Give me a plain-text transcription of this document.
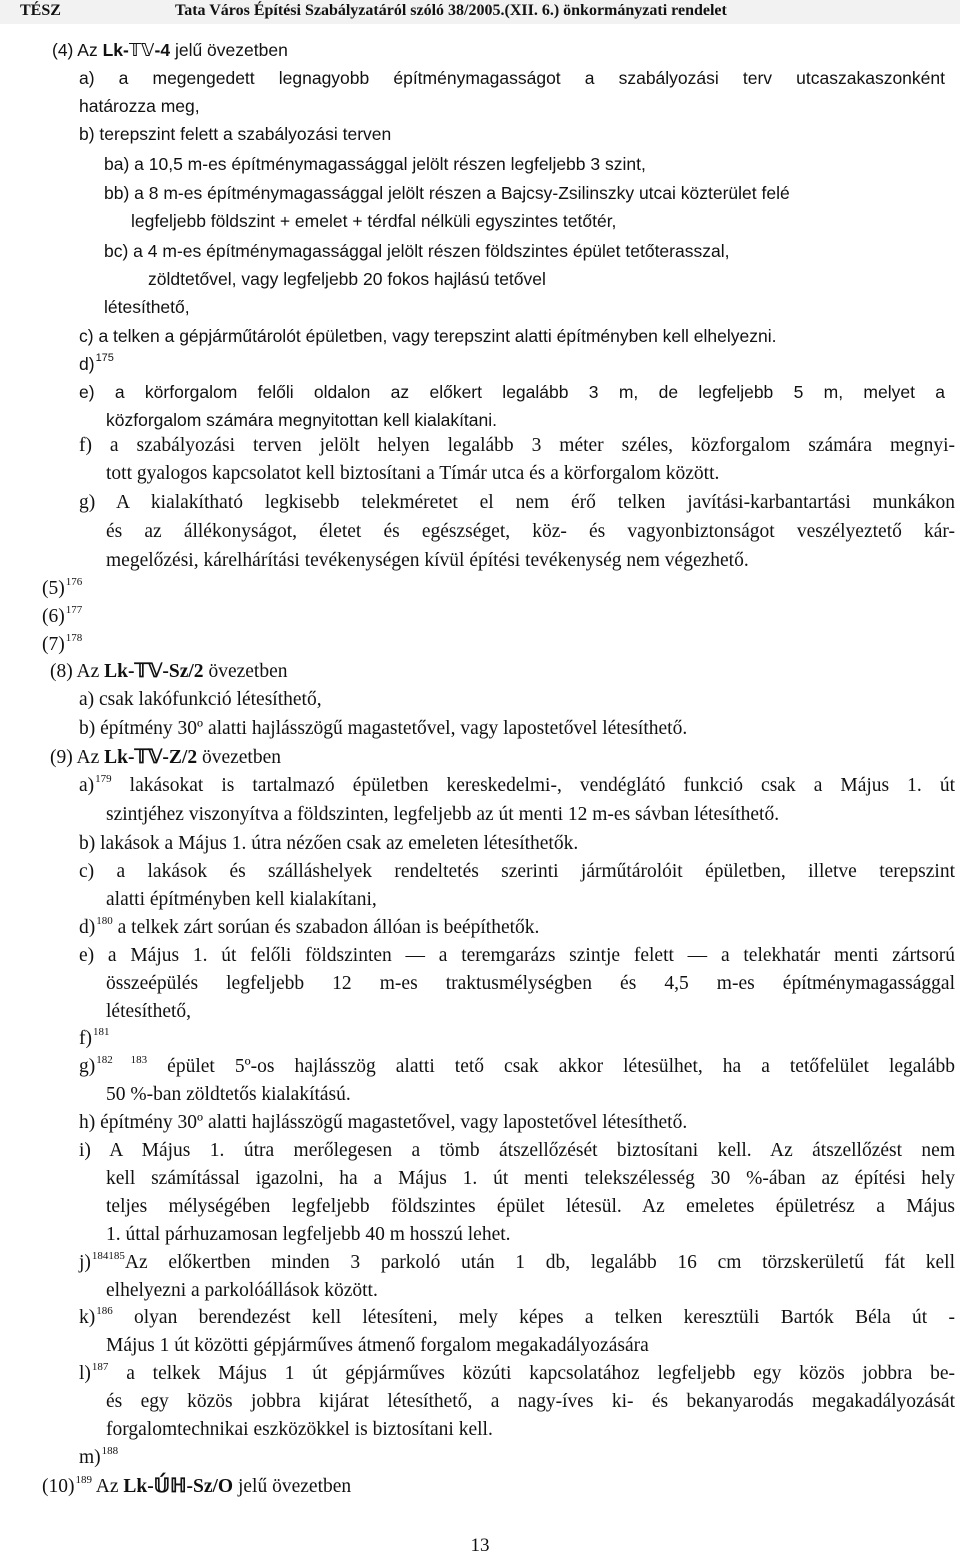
TÉSZ	Tata Város Építési Szabályzatáról szóló 38/2005.(XII. 6.) önkormányzati rendelet
(4) Az Lk-𝕋𝕍-4 jelű övezetben
a) a megengedett legnagyobb építménymagasságot a szabályozási terv utcaszakaszonként
határozza meg,
b) terepszint felett a szabályozási terven
ba) a 10,5 m-es építménymagassággal jelölt részen legfeljebb 3 szint,
bb) a 8 m-es építménymagassággal jelölt részen a Bajcsy-Zsilinszky utcai közterület felé
legfeljebb földszint + emelet + térdfal nélküli egyszintes tetőtér,
bc) a 4 m-es építménymagassággal jelölt részen földszintes épület tetőterasszal,
zöldtetővel, vagy legfeljebb 20 fokos hajlású tetővel
létesíthető,
c) a telken a gépjárműtárolót épületben, vagy terepszint alatti építményben kell elhelyezni.
d)$^{175}$
e) a körforgalom felőli oldalon az előkert legalább 3 m, de legfeljebb 5 m, melyet a
közforgalom számára megnyitottan kell kialakítani.
f) a szabályozási terven jelölt helyen legalább 3 méter széles, közforgalom számára megnyi-
tott gyalogos kapcsolatot kell biztosítani a Tímár utca és a körforgalom között.
g) A kialakítható legkisebb telekméretet el nem érő telken javítási-karbantartási munkákon
és az állékonyságot, életet és egészséget, köz- és vagyonbiztonságot veszélyeztető kár-
megelőzési, kárelhárítási tevékenységen kívül építési tevékenység nem végezhető.
$(5)^{176}$
$(6)^{177}$
$(7)^{178}$
(8) Az Lk-𝕋𝕍-Sz/2 övezetben
a) csak lakófunkció létesíthető,
b) építmény 30º alatti hajlásszögű magastetővel, vagy lapostetővel létesíthető.
(9) Az Lk-𝕋𝕍-Z/2 övezetben
a)$^{179}$ lakásokat is tartalmazó épületben kereskedelmi-, vendéglátó funkció csak a Május 1. út
szintjéhez viszonyítva a földszinten, legfeljebb az út menti 12 m-es sávban létesíthető.
b) lakások a Május 1. útra nézően csak az emeleten létesíthetők.
c) a lakások és szálláshelyek rendeltetés szerinti járműtárolóit épületben, illetve terepszint
alatti építményben kell kialakítani,
d)$^{180}$ a telkek zárt sorúan és szabadon állóan is beépíthetők.
e) a Május 1. út felőli földszinten — a teremgarázs szintje felett — a telekhatár menti zártsorú
összeépülés legfeljebb 12 m-es traktusmélységben és 4,5 m-es építménymagassággal
létesíthető,
f)$^{181}$
g)$^{182 183}$ épület 5º-os hajlásszög alatti tető csak akkor létesülhet, ha a tetőfelület legalább
50 %-ban zöldtetős kialakítású.
h) építmény 30º alatti hajlásszögű magastetővel, vagy lapostetővel létesíthető.
i) A Május 1. útra merőlegesen a tömb átszellőzését biztosítani kell. Az átszellőzést nem
kell számítással igazolni, ha a Május 1. út menti telekszélesség 30 %-ában az építési hely
teljes mélységében legfeljebb földszintes épület létesül. Az emeletes épületrész a Május
1. úttal párhuzamosan legfeljebb 40 m hosszú lehet.
j)$^{184185}$Az előkertben minden 3 parkoló után 1 db, legalább 16 cm törzskerületű fát kell
elhelyezni a parkolóállások között.
k)$^{186}$ olyan berendezést kell létesíteni, mely képes a telken keresztüli Bartók Béla út -
Május 1 út közötti gépjárműves átmenő forgalom megakadályozására
l)$^{187}$ a telkek Május 1 út gépjárműves közúti kapcsolatához legfeljebb egy közös jobbra be-
és egy közös jobbra kijárat létesíthető, a nagy-íves ki- és bekanyarodás megakadályozását
forgalomtechnikai eszközökkel is biztosítani kell.
m)$^{188}$
$(10)^{189}$ Az Lk-𝕌́ℍ-Sz/O jelű övezetben
13
